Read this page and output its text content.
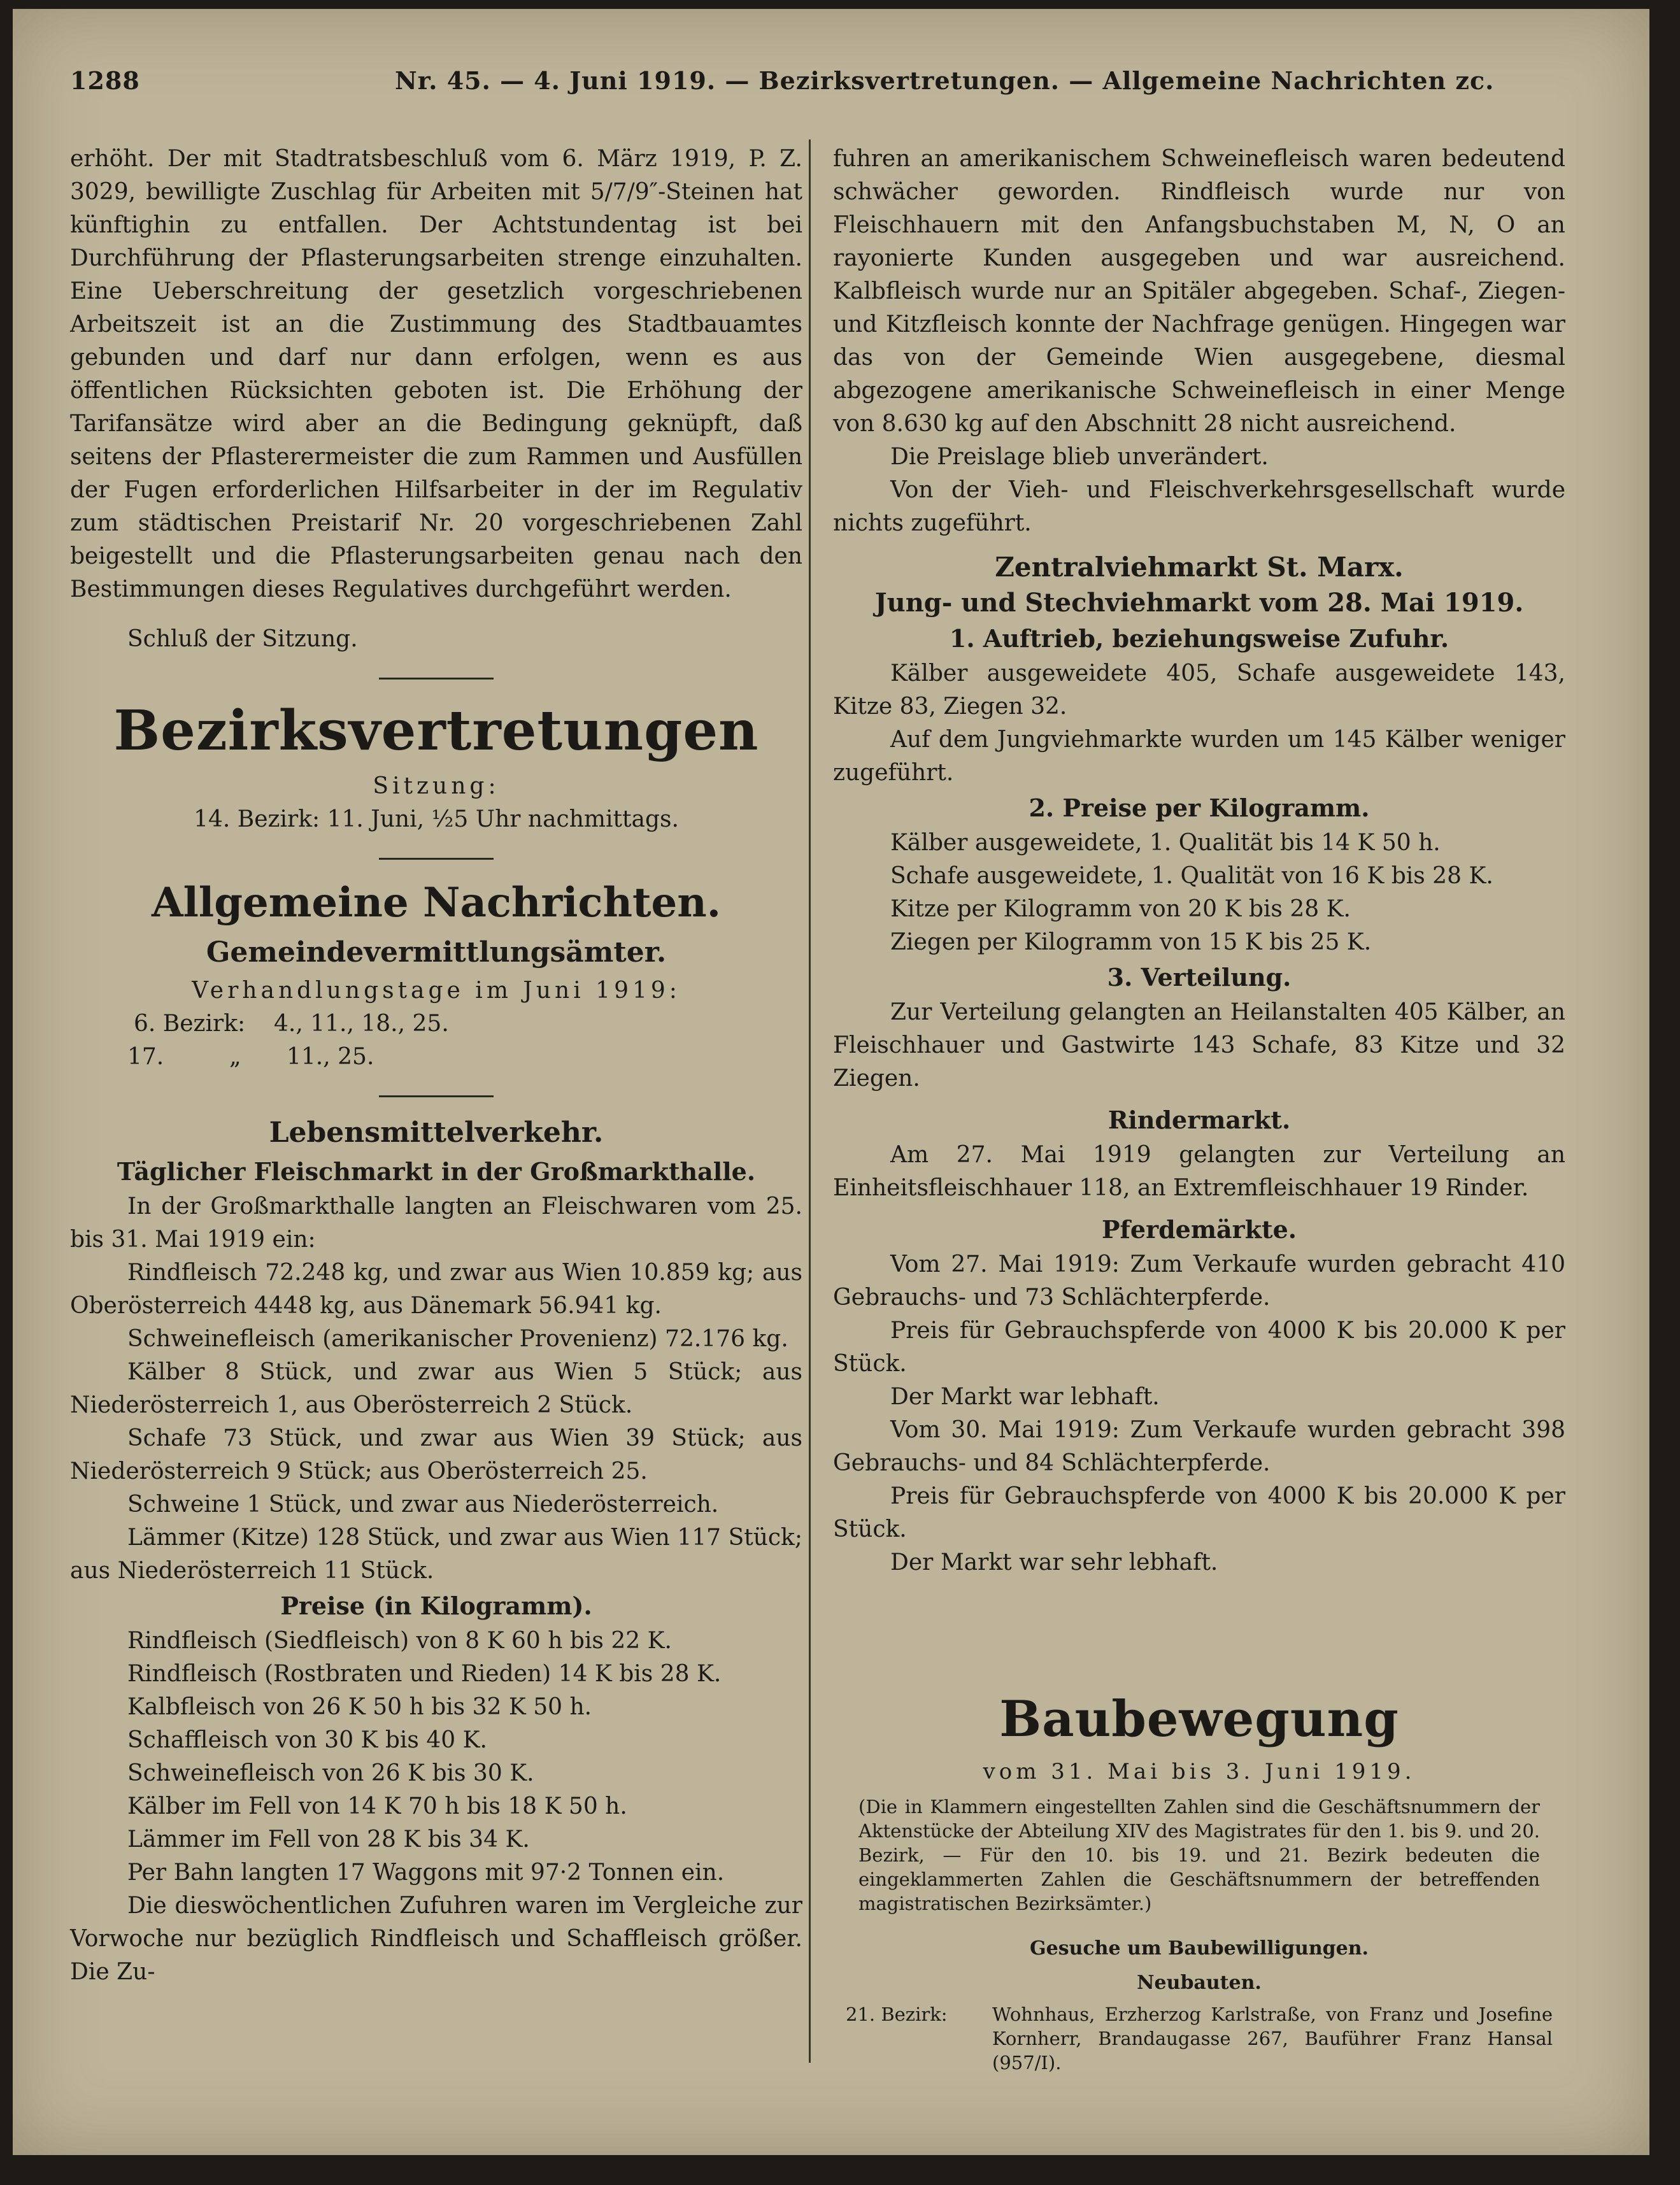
1288	Nr. 45. — 4. Juni 1919. — Bezirksvertretungen. — Allgemeine Nachrichten zc.

erhöht. Der mit Stadtratsbeschluß vom 6. März 1919, P. Z. 3029, bewilligte Zuschlag für Arbeiten mit 5/7/9″-Steinen hat künftighin zu entfallen. Der Achtstundentag ist bei Durchführung der Pflasterungsarbeiten strenge einzuhalten. Eine Ueberschreitung der gesetzlich vorgeschriebenen Arbeitszeit ist an die Zustimmung des Stadtbauamtes gebunden und darf nur dann erfolgen, wenn es aus öffentlichen Rücksichten geboten ist. Die Erhöhung der Tarifansätze wird aber an die Bedingung geknüpft, daß seitens der Pflasterermeister die zum Rammen und Ausfüllen der Fugen erforderlichen Hilfsarbeiter in der im Regulativ zum städtischen Preistarif Nr. 20 vorgeschriebenen Zahl beigestellt und die Pflasterungsarbeiten genau nach den Bestimmungen dieses Regulatives durchgeführt werden.

Schluß der Sitzung.

Bezirksvertretungen

Sitzung:

14. Bezirk: 11. Juni, ½5 Uhr nachmittags.

Allgemeine Nachrichten.
Gemeindevermittlungsämter.

Verhandlungstage im Juni 1919:

6. Bezirk: 4., 11., 18., 25.
17.	„ 11., 25.
Lebensmittelverkehr.
Täglicher Fleischmarkt in der Großmarkthalle.

In der Großmarkthalle langten an Fleischwaren vom 25. bis 31. Mai 1919 ein:

Rindfleisch 72.248 kg, und zwar aus Wien 10.859 kg; aus Oberösterreich 4448 kg, aus Dänemark 56.941 kg.

Schweinefleisch (amerikanischer Provenienz) 72.176 kg.

Kälber 8 Stück, und zwar aus Wien 5 Stück; aus Niederösterreich 1, aus Oberösterreich 2 Stück.

Schafe 73 Stück, und zwar aus Wien 39 Stück; aus Niederösterreich 9 Stück; aus Oberösterreich 25.

Schweine 1 Stück, und zwar aus Niederösterreich.

Lämmer (Kitze) 128 Stück, und zwar aus Wien 117 Stück; aus Niederösterreich 11 Stück.

Preise (in Kilogramm).

Rindfleisch (Siedfleisch) von 8 K 60 h bis 22 K.

Rindfleisch (Rostbraten und Rieden) 14 K bis 28 K.

Kalbfleisch von 26 K 50 h bis 32 K 50 h.

Schaffleisch von 30 K bis 40 K.

Schweinefleisch von 26 K bis 30 K.

Kälber im Fell von 14 K 70 h bis 18 K 50 h.

Lämmer im Fell von 28 K bis 34 K.

Per Bahn langten 17 Waggons mit 97·2 Tonnen ein.

Die dieswöchentlichen Zufuhren waren im Vergleiche zur Vorwoche nur bezüglich Rindfleisch und Schaffleisch größer. Die Zu-

fuhren an amerikanischem Schweinefleisch waren bedeutend schwächer geworden. Rindfleisch wurde nur von Fleischhauern mit den Anfangsbuchstaben M, N, O an rayonierte Kunden ausgegeben und war ausreichend. Kalbfleisch wurde nur an Spitäler abgegeben. Schaf-, Ziegen- und Kitzfleisch konnte der Nachfrage genügen. Hingegen war das von der Gemeinde Wien ausgegebene, diesmal abgezogene amerikanische Schweinefleisch in einer Menge von 8.630 kg auf den Abschnitt 28 nicht ausreichend.

Die Preislage blieb unverändert.

Von der Vieh- und Fleischverkehrsgesellschaft wurde nichts zugeführt.

Zentralviehmarkt St. Marx.
Jung- und Stechviehmarkt vom 28. Mai 1919.
1. Auftrieb, beziehungsweise Zufuhr.

Kälber ausgeweidete 405, Schafe ausgeweidete 143, Kitze 83, Ziegen 32.

Auf dem Jungviehmarkte wurden um 145 Kälber weniger zugeführt.

2. Preise per Kilogramm.

Kälber ausgeweidete, 1. Qualität bis 14 K 50 h.

Schafe ausgeweidete, 1. Qualität von 16 K bis 28 K.

Kitze per Kilogramm von 20 K bis 28 K.

Ziegen per Kilogramm von 15 K bis 25 K.

3. Verteilung.

Zur Verteilung gelangten an Heilanstalten 405 Kälber, an Fleischhauer und Gastwirte 143 Schafe, 83 Kitze und 32 Ziegen.

Rindermarkt.

Am 27. Mai 1919 gelangten zur Verteilung an Einheitsfleischhauer 118, an Extremfleischhauer 19 Rinder.

Pferdemärkte.

Vom 27. Mai 1919: Zum Verkaufe wurden gebracht 410 Gebrauchs- und 73 Schlächterpferde.

Preis für Gebrauchspferde von 4000 K bis 20.000 K per Stück.

Der Markt war lebhaft.

Vom 30. Mai 1919: Zum Verkaufe wurden gebracht 398 Gebrauchs- und 84 Schlächterpferde.

Preis für Gebrauchspferde von 4000 K bis 20.000 K per Stück.

Der Markt war sehr lebhaft.

Baubewegung

vom 31. Mai bis 3. Juni 1919.

(Die in Klammern eingestellten Zahlen sind die Geschäftsnummern der Aktenstücke der Abteilung XIV des Magistrates für den 1. bis 9. und 20. Bezirk, — Für den 10. bis 19. und 21. Bezirk bedeuten die eingeklammerten Zahlen die Geschäftsnummern der betreffenden magistratischen Bezirksämter.)

Gesuche um Baubewilligungen.

Neubauten.

21. Bezirk: Wohnhaus, Erzherzog Karlstraße, von Franz und Josefine Kornherr, Brandaugasse 267, Bauführer Franz Hansal (957/I).
